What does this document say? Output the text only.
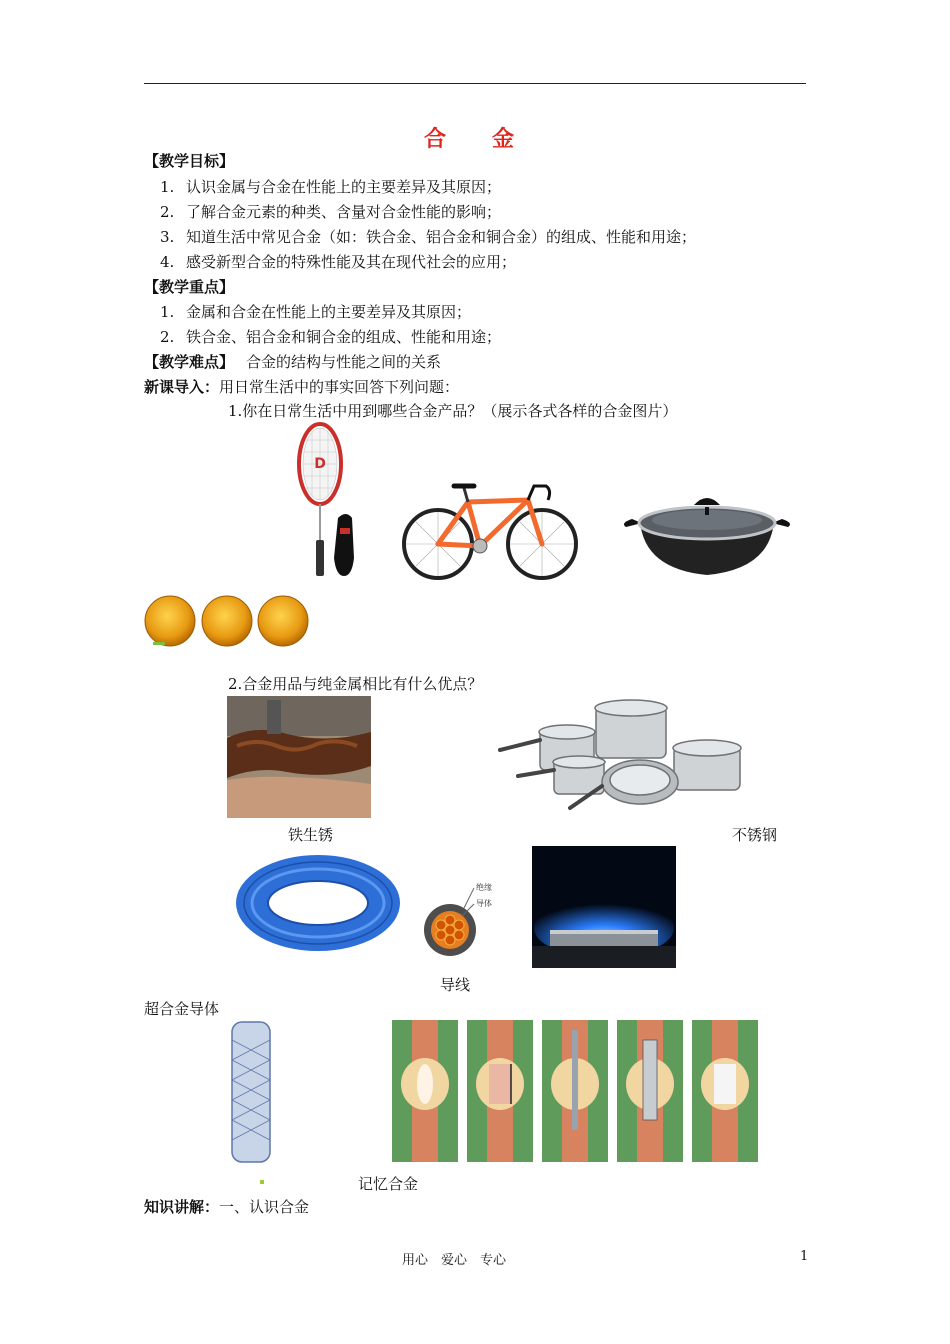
合　金
【教学目标】
1. 认识金属与合金在性能上的主要差异及其原因；
2. 了解合金元素的种类、含量对合金性能的影响；
3. 知道生活中常见合金（如：铁合金、铝合金和铜合金）的组成、性能和用途；
4. 感受新型合金的特殊性能及其在现代社会的应用；
【教学重点】
1. 金属和合金在性能上的主要差异及其原因；
2. 铁合金、铝合金和铜合金的组成、性能和用途；
【教学难点】 合金的结构与性能之间的关系
新课导入：用日常生活中的事实回答下列问题：
1.你在日常生活中用到哪些合金产品？（展示各式各样的合金图片）
D
2.合金用品与纯金属相比有什么优点？
铁生锈	不锈钢
绝缘
导体
导线
超合金导体
记忆合金
知识讲解：一、认识合金
用心　爱心　专心	1
